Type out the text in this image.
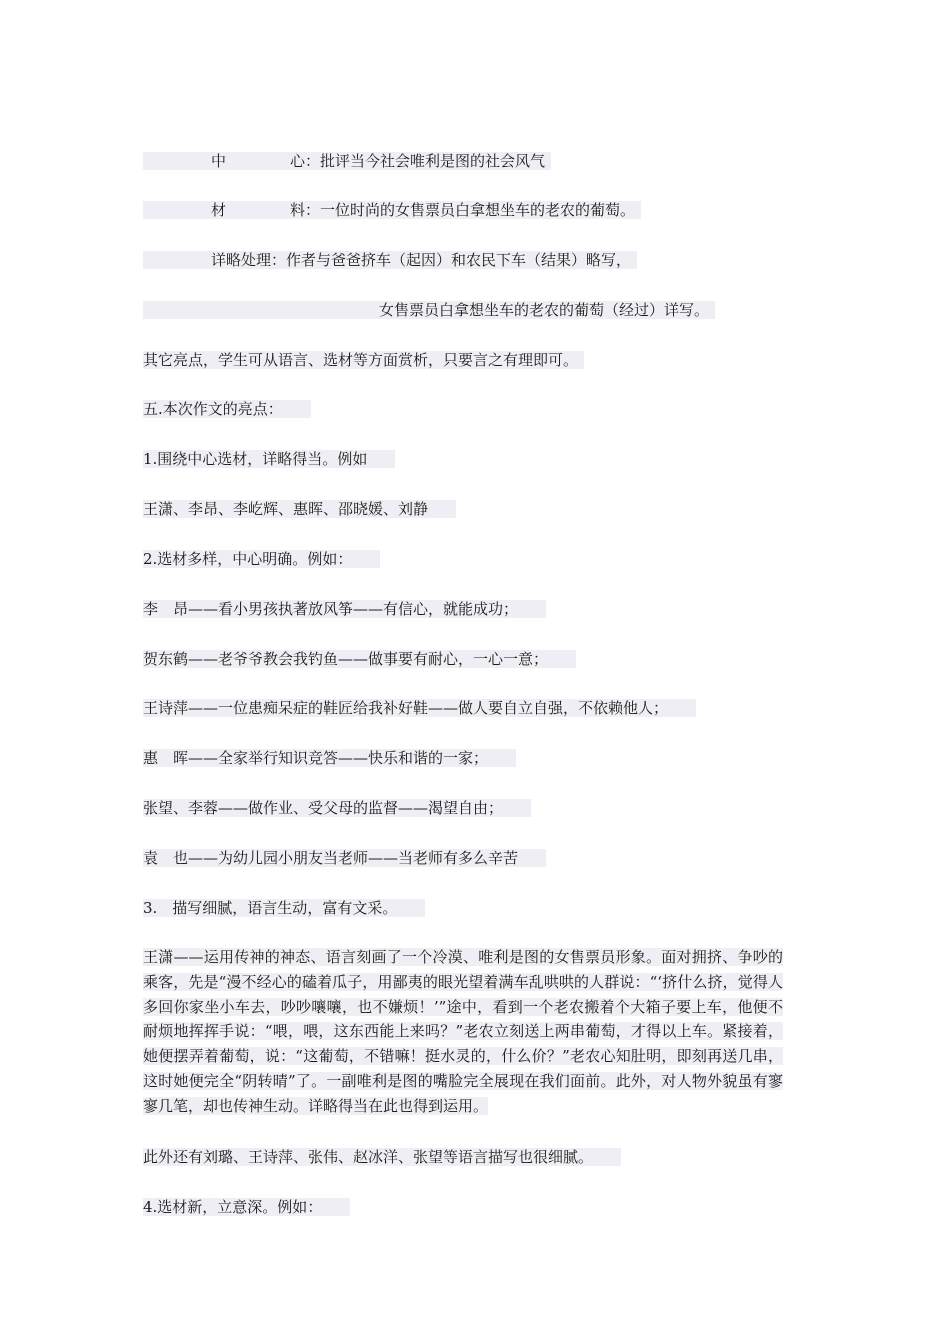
中	心：批评当今社会唯利是图的社会风气
材	料：一位时尚的女售票员白拿想坐车的老农的葡萄。
详略处理：作者与爸爸挤车（起因）和农民下车（结果）略写，
女售票员白拿想坐车的老农的葡萄（经过）详写。
其它亮点，学生可从语言、选材等方面赏析，只要言之有理即可。
五.本次作文的亮点：
1.围绕中心选材，详略得当。例如
王潇、李昂、李屹辉、惠晖、邵晓媛、刘静
2.选材多样，中心明确。例如：
李　昂——看小男孩执著放风筝——有信心，就能成功；
贺东鹤——老爷爷教会我钓鱼——做事要有耐心，一心一意；
王诗萍——一位患痴呆症的鞋匠给我补好鞋——做人要自立自强，不依赖他人；
惠　晖——全家举行知识竞答——快乐和谐的一家；
张望、李蓉——做作业、受父母的监督——渴望自由；
袁　也——为幼儿园小朋友当老师——当老师有多么辛苦
3.　描写细腻，语言生动，富有文采。
王潇——运用传神的神态、语言刻画了一个冷漠、唯利是图的女售票员形象。面对拥挤、争吵的乘客，先是“漫不经心的磕着瓜子，用鄙夷的眼光望着满车乱哄哄的人群说：“‘挤什么挤，觉得人多回你家坐小车去，吵吵嚷嚷，也不嫌烦！’”途中，看到一个老农搬着个大箱子要上车，他便不耐烦地挥挥手说：“喂，喂，这东西能上来吗？”老农立刻送上两串葡萄，才得以上车。紧接着，她便摆弄着葡萄，说：“这葡萄，不错嘛！挺水灵的，什么价？”老农心知肚明，即刻再送几串，这时她便完全“阴转晴”了。一副唯利是图的嘴脸完全展现在我们面前。此外，对人物外貌虽有寥寥几笔，却也传神生动。详略得当在此也得到运用。
此外还有刘璐、王诗萍、张伟、赵冰洋、张望等语言描写也很细腻。
4.选材新，立意深。例如：
